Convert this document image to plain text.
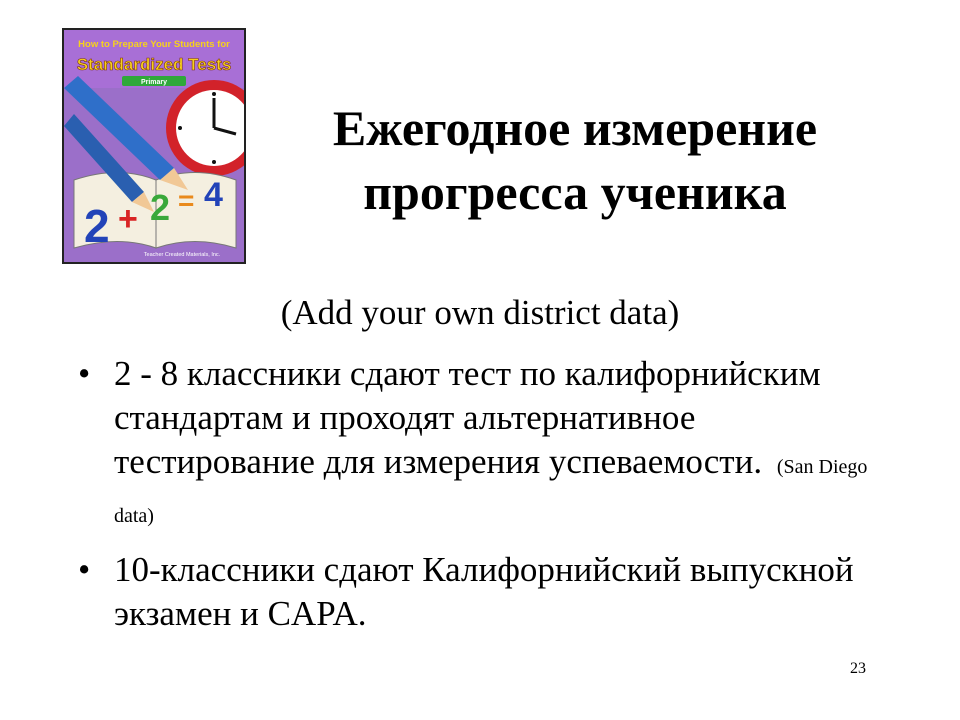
2 + 2 = 4
How to Prepare Your Students for
Standardized Tests
Primary
Teacher Created Materials, Inc.
Ежегодное измерение
прогресса ученика
(Add your own district data)
• 2 - 8 классники сдают тест по калифорнийским стандартам и проходят альтернативное тестирование для измерения успеваемости. (San Diego data)
• 10-классники сдают Калифорнийский выпускной экзамен и CAPA.
23
